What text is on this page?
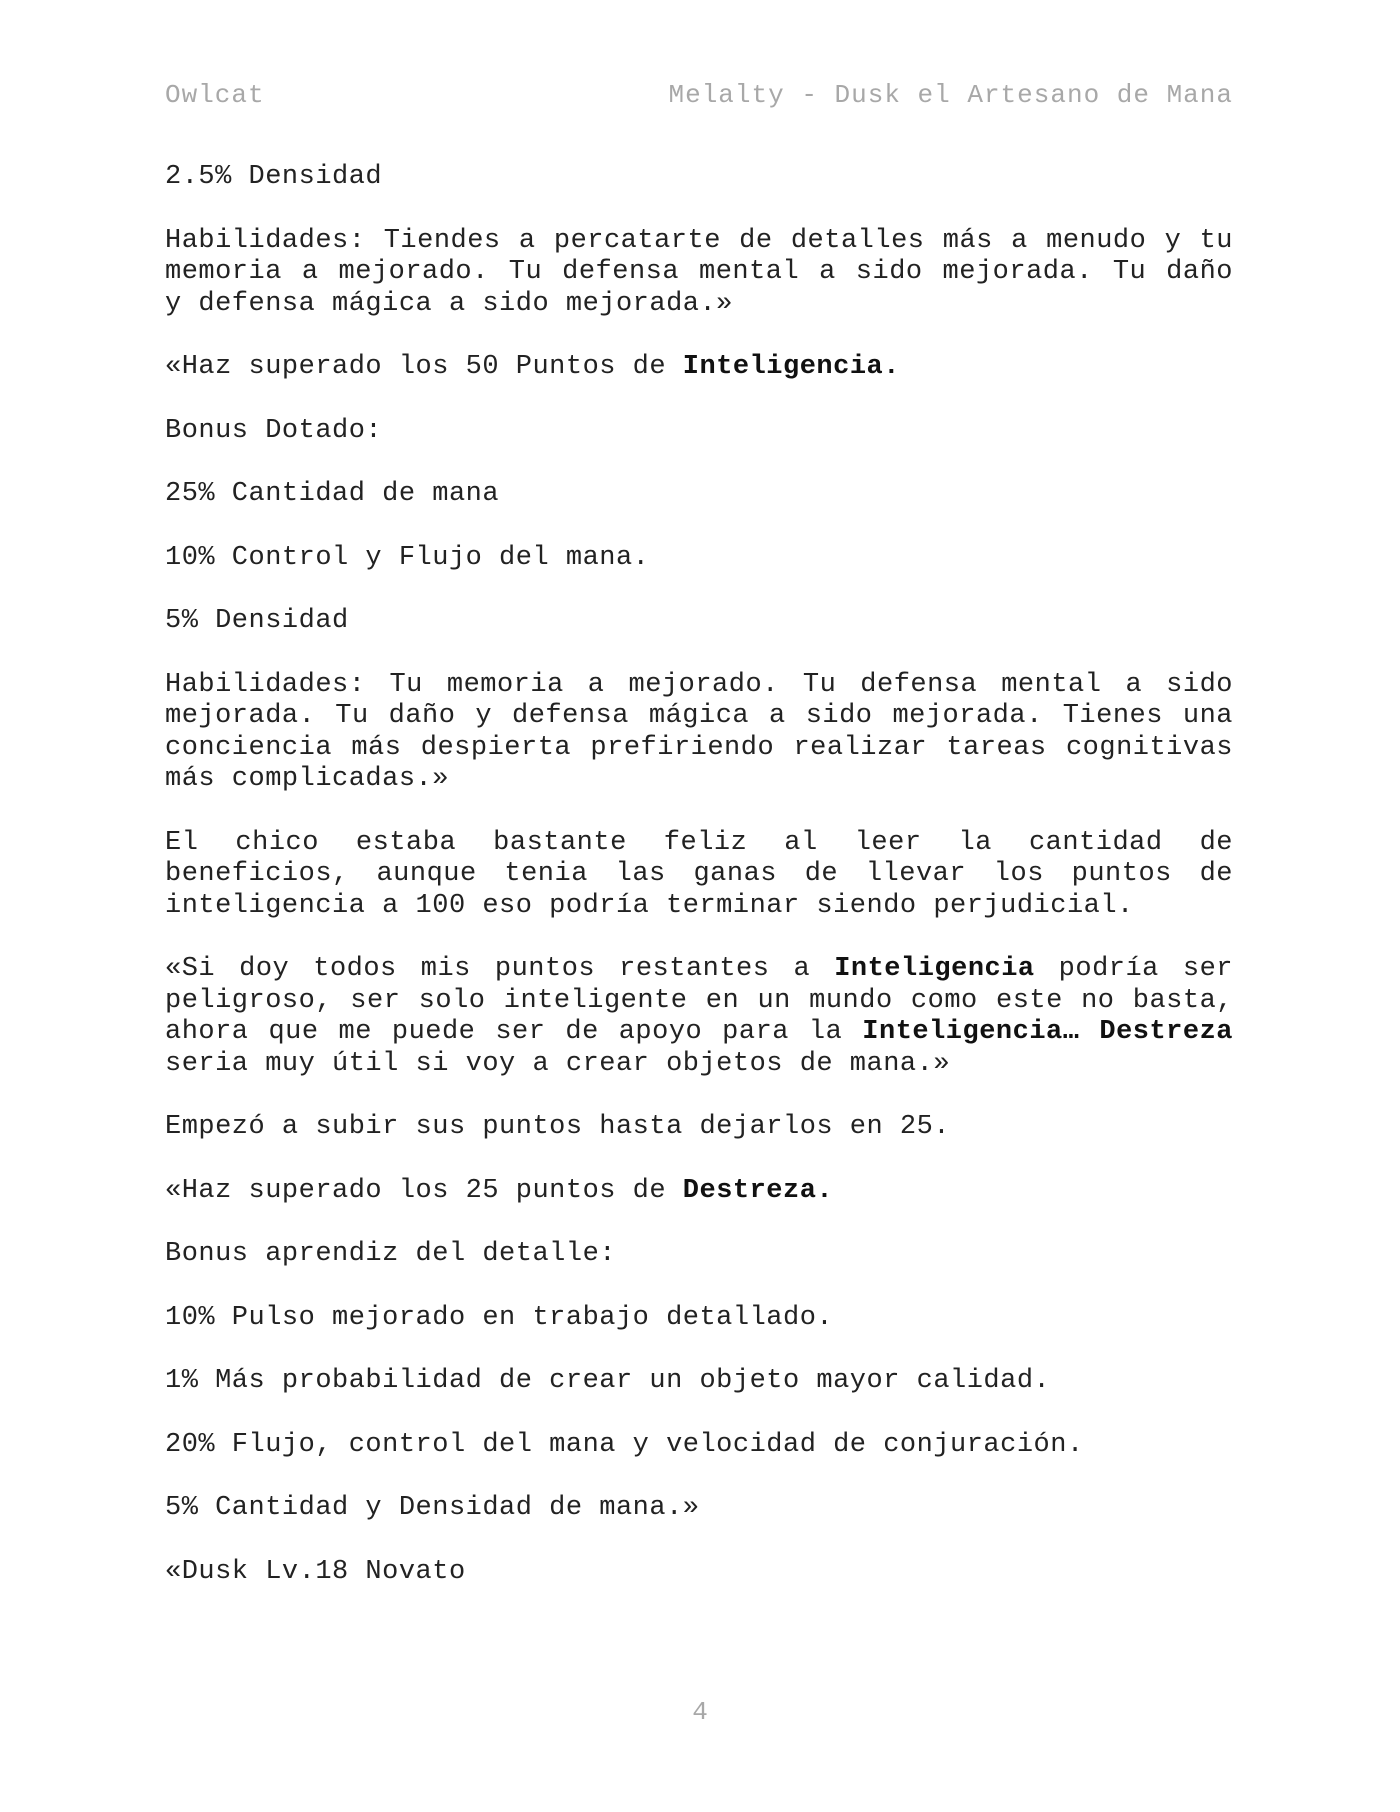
Owlcat	Melalty - Dusk el Artesano de Mana

2.5% Densidad

Habilidades: Tiendes a percatarte de detalles más a menudo y tu memoria a mejorado. Tu defensa mental a sido mejorada. Tu daño y defensa mágica a sido mejorada.»

«Haz superado los 50 Puntos de Inteligencia.

Bonus Dotado:

25% Cantidad de mana

10% Control y Flujo del mana.

5% Densidad

Habilidades: Tu memoria a mejorado. Tu defensa mental a sido mejorada. Tu daño y defensa mágica a sido mejorada. Tienes una conciencia más despierta prefiriendo realizar tareas cognitivas más complicadas.»

El chico estaba bastante feliz al leer la cantidad de beneficios, aunque tenia las ganas de llevar los puntos de inteligencia a 100 eso podría terminar siendo perjudicial.

«Si doy todos mis puntos restantes a Inteligencia podría ser peligroso, ser solo inteligente en un mundo como este no basta, ahora que me puede ser de apoyo para la Inteligencia… Destreza seria muy útil si voy a crear objetos de mana.»

Empezó a subir sus puntos hasta dejarlos en 25.

«Haz superado los 25 puntos de Destreza.

Bonus aprendiz del detalle:

10% Pulso mejorado en trabajo detallado.

1% Más probabilidad de crear un objeto mayor calidad.

20% Flujo, control del mana y velocidad de conjuración.

5% Cantidad y Densidad de mana.»

«Dusk Lv.18 Novato

4
